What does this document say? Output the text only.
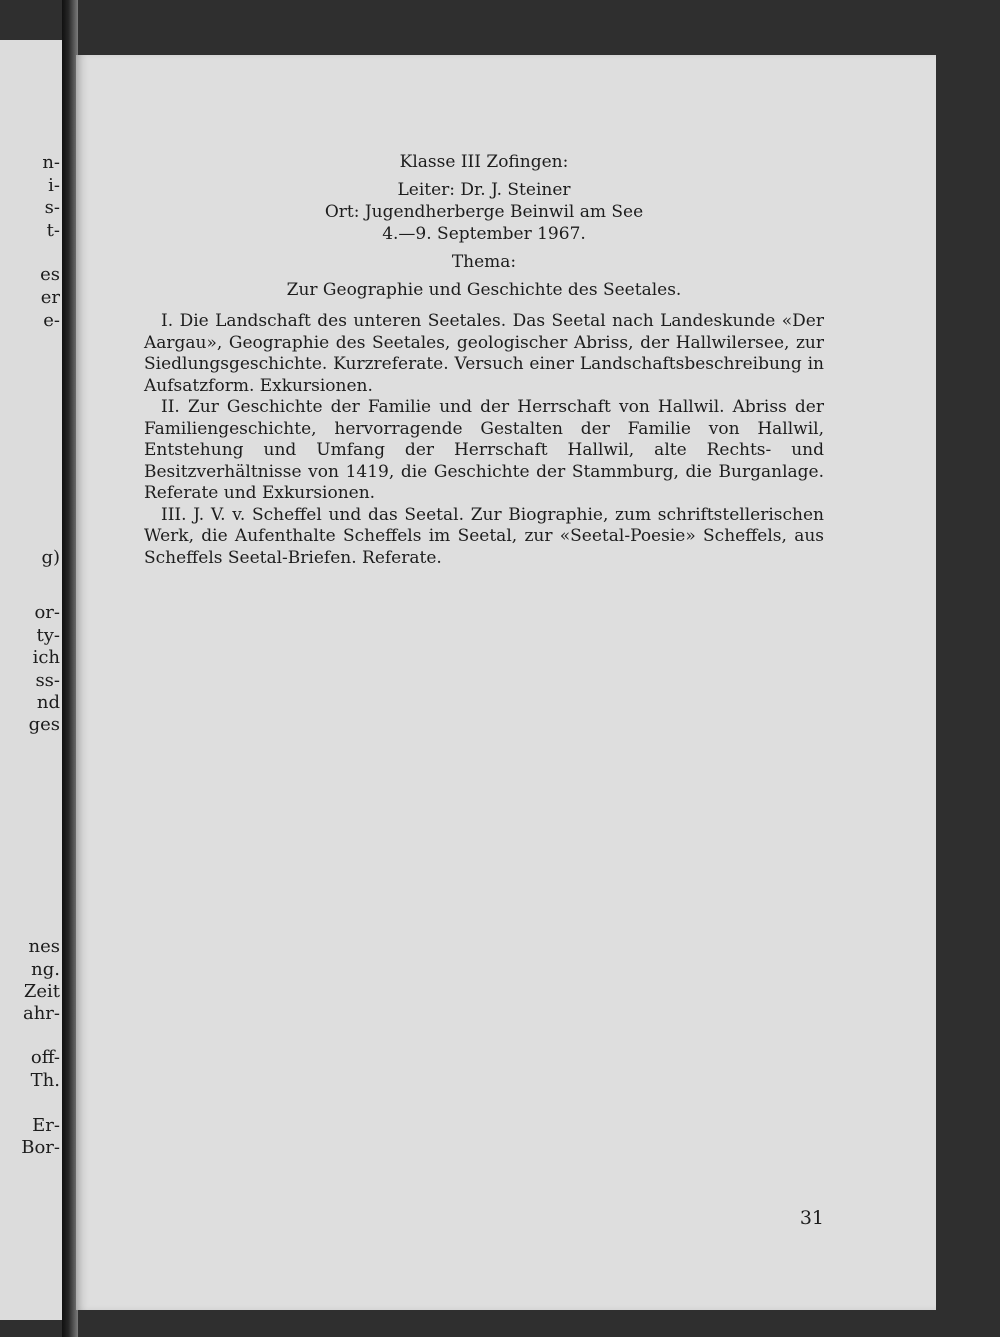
n-
i-
s-
t-
es
er
e-
g)
or-
ty-
ich
ss-
nd
ges
nes
ng.
Zeit
ahr-
off-
Th.
Er-
Bor-

Klasse III Zofingen:

Leiter: Dr. J. Steiner

Ort: Jugendherberge Beinwil am See

4.—9. September 1967.

Thema:

Zur Geographie und Geschichte des Seetales.

I. Die Landschaft des unteren Seetales. Das Seetal nach Landeskunde «Der Aargau», Geographie des Seetales, geologischer Abriss, der Hallwilersee, zur Siedlungsgeschichte. Kurzreferate. Versuch einer Landschaftsbeschreibung in Aufsatzform. Exkursionen.

II. Zur Geschichte der Familie und der Herrschaft von Hallwil. Abriss der Familiengeschichte, hervorragende Gestalten der Familie von Hallwil, Entstehung und Umfang der Herrschaft Hallwil, alte Rechts- und Besitzverhältnisse von 1419, die Geschichte der Stammburg, die Burganlage. Referate und Exkursionen.

III. J. V. v. Scheffel und das Seetal. Zur Biographie, zum schriftstellerischen Werk, die Aufenthalte Scheffels im Seetal, zur «Seetal-Poesie» Scheffels, aus Scheffels Seetal-Briefen. Referate.

31
